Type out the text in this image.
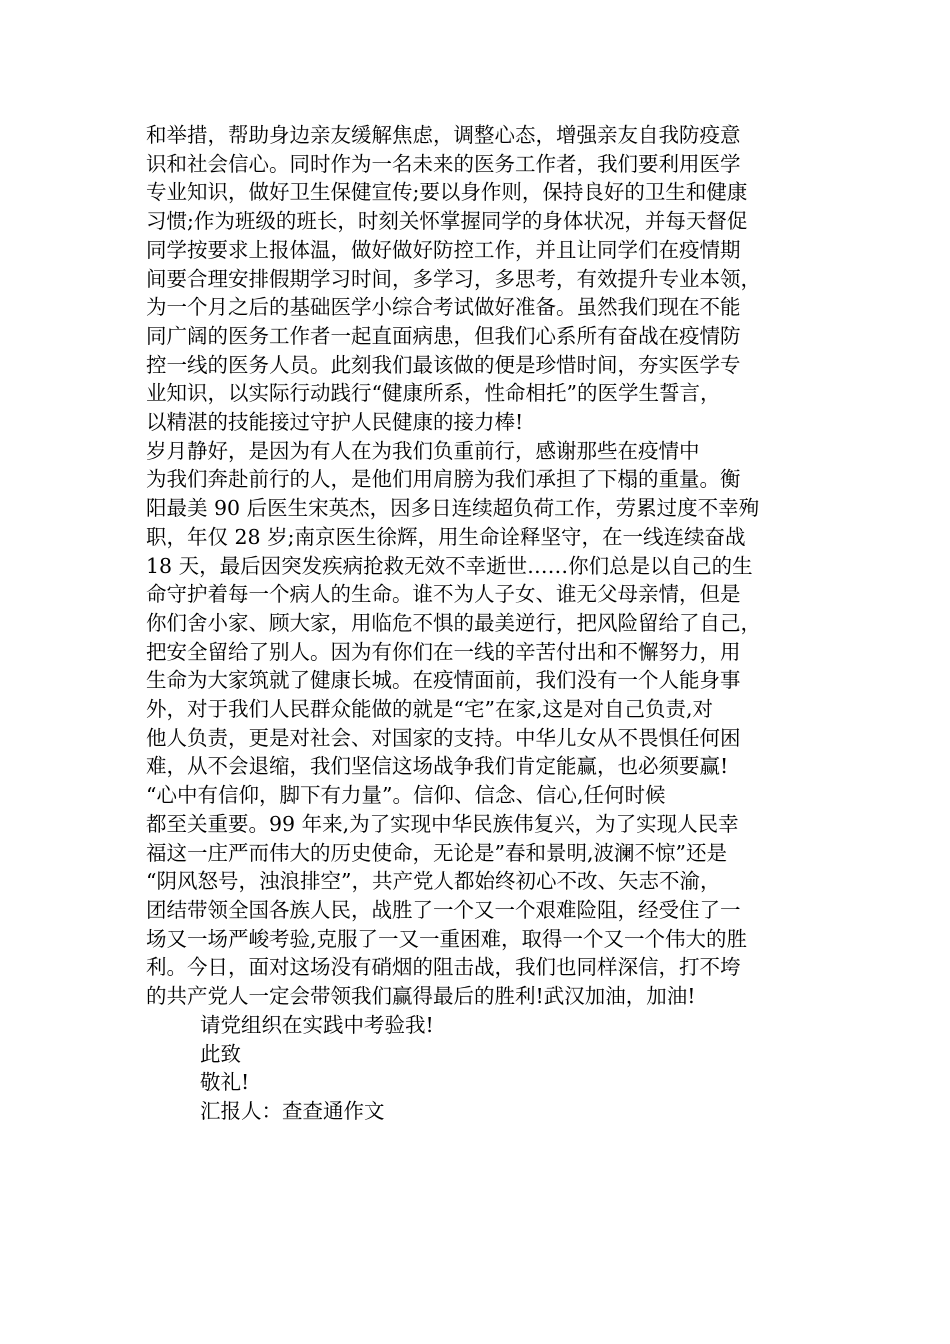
和举措，帮助身边亲友缓解焦虑，调整心态，增强亲友自我防疫意
识和社会信心。同时作为一名未来的医务工作者，我们要利用医学
专业知识，做好卫生保健宣传;要以身作则，保持良好的卫生和健康
习惯;作为班级的班长，时刻关怀掌握同学的身体状况，并每天督促
同学按要求上报体温，做好做好防控工作，并且让同学们在疫情期
间要合理安排假期学习时间，多学习，多思考，有效提升专业本领，
为一个月之后的基础医学小综合考试做好准备。虽然我们现在不能
同广阔的医务工作者一起直面病患，但我们心系所有奋战在疫情防
控一线的医务人员。此刻我们最该做的便是珍惜时间，夯实医学专
业知识，以实际行动践行“健康所系，性命相托”的医学生誓言，
以精湛的技能接过守护人民健康的接力棒!

岁月静好，是因为有人在为我们负重前行，感谢那些在疫情中
为我们奔赴前行的人，是他们用肩膀为我们承担了下榻的重量。衡
阳最美 90 后医生宋英杰，因多日连续超负荷工作，劳累过度不幸殉
职，年仅 28 岁;南京医生徐辉，用生命诠释坚守，在一线连续奋战
18 天，最后因突发疾病抢救无效不幸逝世……你们总是以自己的生
命守护着每一个病人的生命。谁不为人子女、谁无父母亲情，但是
你们舍小家、顾大家，用临危不惧的最美逆行，把风险留给了自己，
把安全留给了别人。因为有你们在一线的辛苦付出和不懈努力，用
生命为大家筑就了健康长城。在疫情面前，我们没有一个人能身事
外，对于我们人民群众能做的就是“宅”在家,这是对自己负责,对
他人负责，更是对社会、对国家的支持。中华儿女从不畏惧任何困
难，从不会退缩，我们坚信这场战争我们肯定能赢，也必须要赢!

“心中有信仰，脚下有力量”。信仰、信念、信心,任何时候
都至关重要。99 年来,为了实现中华民族伟复兴，为了实现人民幸
福这一庄严而伟大的历史使命，无论是”春和景明,波澜不惊”还是
“阴风怒号，浊浪排空”，共产党人都始终初心不改、矢志不渝，
团结带领全国各族人民，战胜了一个又一个艰难险阻，经受住了一
场又一场严峻考验,克服了一又一重困难，取得一个又一个伟大的胜
利。今日，面对这场没有硝烟的阻击战，我们也同样深信，打不垮
的共产党人一定会带领我们赢得最后的胜利!武汉加油，加油!

请党组织在实践中考验我!

此致

敬礼!

汇报人：查查通作文
